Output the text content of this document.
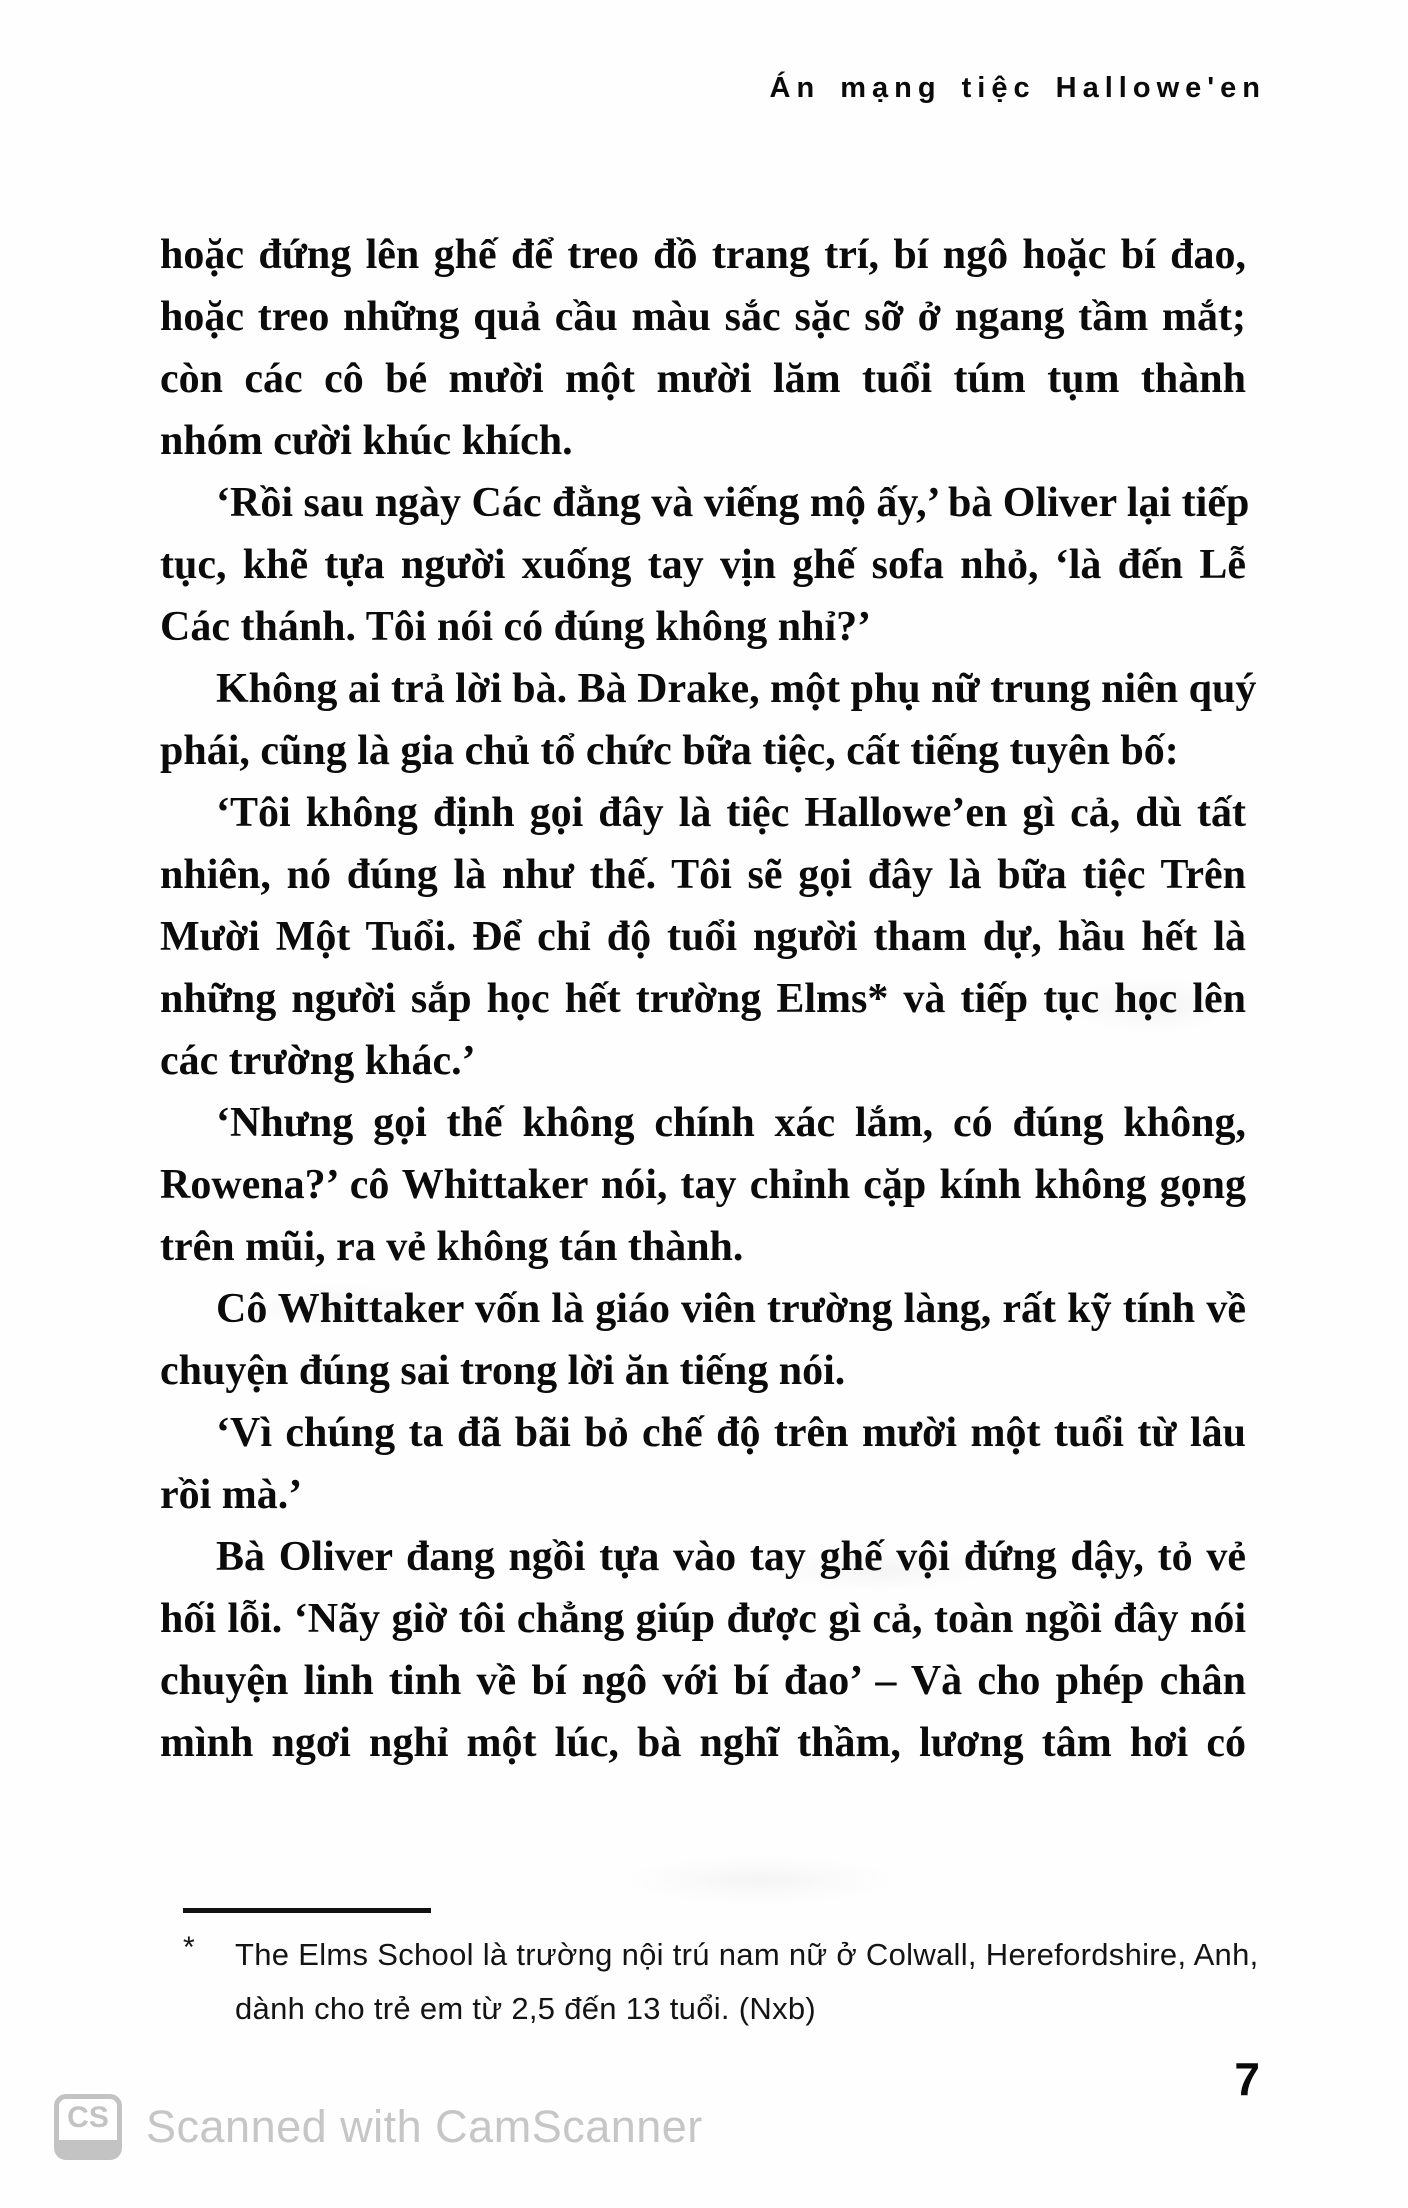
Án mạng tiệc Hallowe'en
hoặc đứng lên ghế để treo đồ trang trí, bí ngô hoặc bí đao,
hoặc treo những quả cầu màu sắc sặc sỡ ở ngang tầm mắt;
còn các cô bé mười một mười lăm tuổi túm tụm thành
nhóm cười khúc khích.
‘Rồi sau ngày Các đằng và viếng mộ ấy,’ bà Oliver lại tiếp
tục, khẽ tựa người xuống tay vịn ghế sofa nhỏ, ‘là đến Lễ
Các thánh. Tôi nói có đúng không nhỉ?’
Không ai trả lời bà. Bà Drake, một phụ nữ trung niên quý
phái, cũng là gia chủ tổ chức bữa tiệc, cất tiếng tuyên bố:
‘Tôi không định gọi đây là tiệc Hallowe’en gì cả, dù tất
nhiên, nó đúng là như thế. Tôi sẽ gọi đây là bữa tiệc Trên
Mười Một Tuổi. Để chỉ độ tuổi người tham dự, hầu hết là
những người sắp học hết trường Elms* và tiếp tục học lên
các trường khác.’
‘Nhưng gọi thế không chính xác lắm, có đúng không,
Rowena?’ cô Whittaker nói, tay chỉnh cặp kính không gọng
trên mũi, ra vẻ không tán thành.
Cô Whittaker vốn là giáo viên trường làng, rất kỹ tính về
chuyện đúng sai trong lời ăn tiếng nói.
‘Vì chúng ta đã bãi bỏ chế độ trên mười một tuổi từ lâu
rồi mà.’
Bà Oliver đang ngồi tựa vào tay ghế vội đứng dậy, tỏ vẻ
hối lỗi. ‘Nãy giờ tôi chẳng giúp được gì cả, toàn ngồi đây nói
chuyện linh tinh về bí ngô với bí đao’ – Và cho phép chân
mình ngơi nghỉ một lúc, bà nghĩ thầm, lương tâm hơi có
*	The Elms School là trường nội trú nam nữ ở Colwall, Herefordshire, Anh,
dành cho trẻ em từ 2,5 đến 13 tuổi. (Nxb)
7
CS Scanned with CamScanner
